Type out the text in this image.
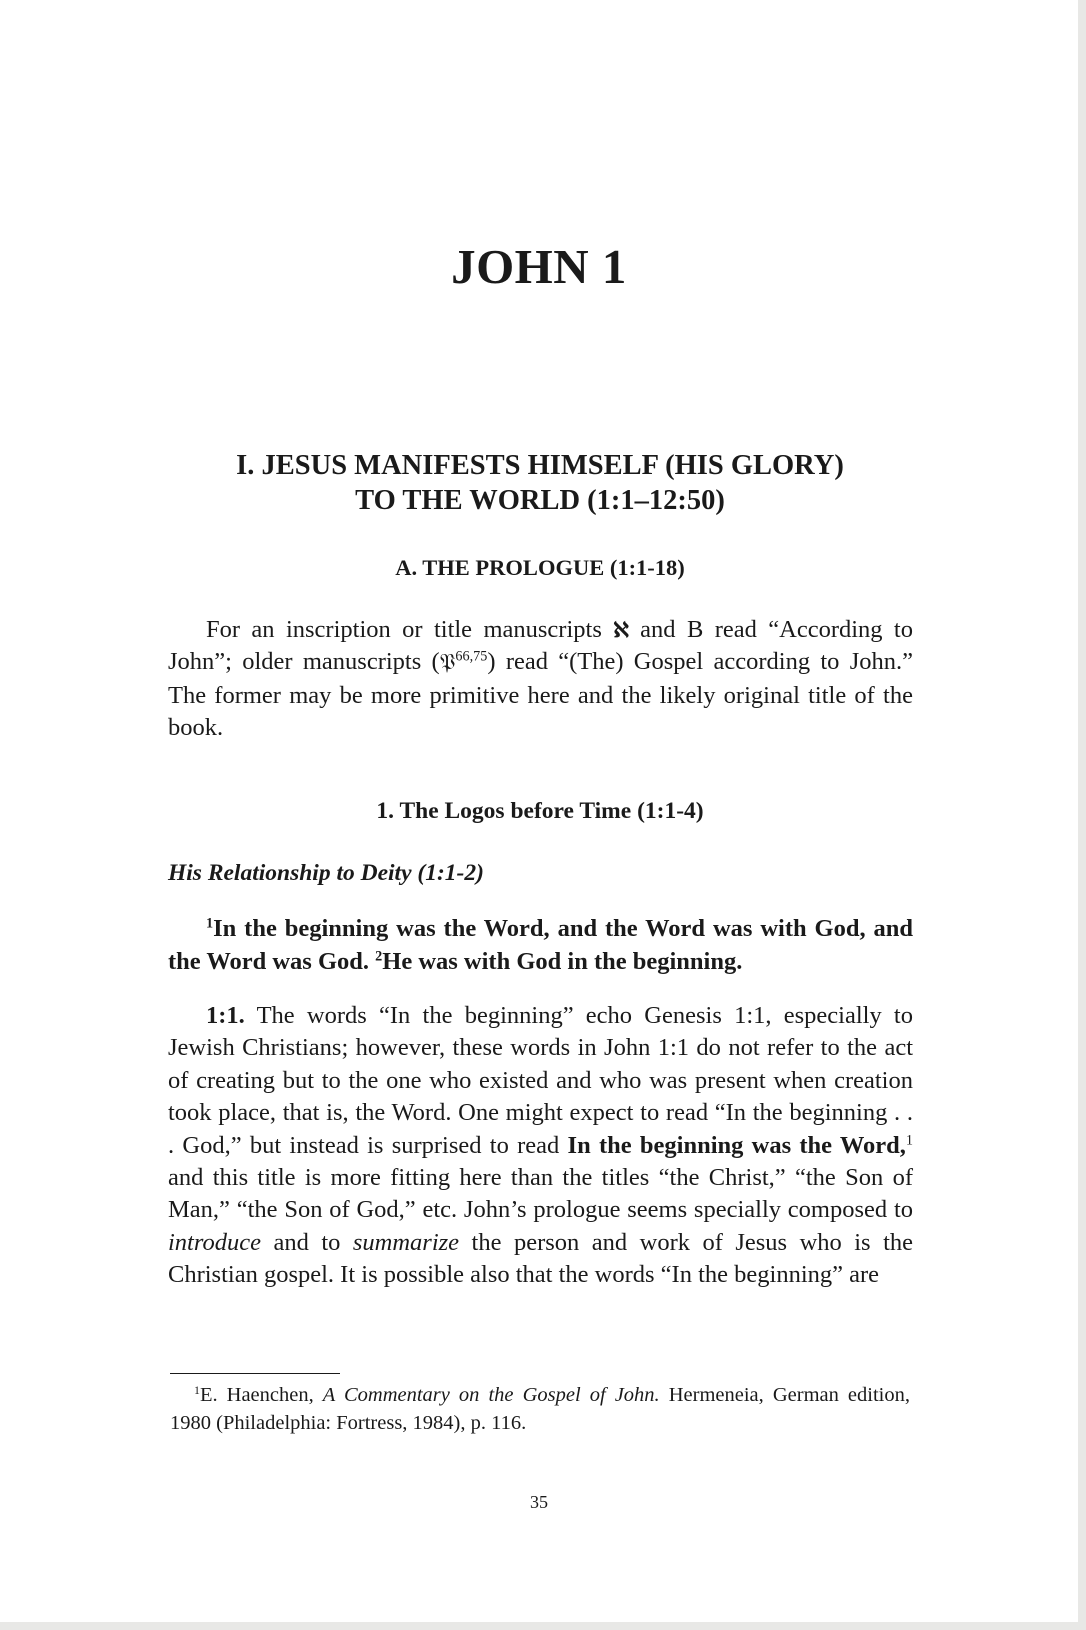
JOHN 1
I. JESUS MANIFESTS HIMSELF (HIS GLORY)
TO THE WORLD (1:1–12:50)
A. THE PROLOGUE (1:1-18)

For an inscription or title manuscripts ℵ and B read “According to John”; older manuscripts (𝔓$^{66,75}$) read “(The) Gospel according to John.” The former may be more primitive here and the likely original title of the book.

1. The Logos before Time (1:1-4)
His Relationship to Deity (1:1-2)

$^1$In the beginning was the Word, and the Word was with God, and the Word was God. $^2$He was with God in the beginning.

1:1. The words “In the beginning” echo Genesis 1:1, especially to Jewish Christians; however, these words in John 1:1 do not refer to the act of creating but to the one who existed and who was present when creation took place, that is, the Word. One might expect to read “In the beginning . . . God,” but instead is surprised to read In the beginning was the Word,$^1$ and this title is more fitting here than the titles “the Christ,” “the Son of Man,” “the Son of God,” etc. John’s prologue seems specially composed to introduce and to summarize the person and work of Jesus who is the Christian gospel. It is possible also that the words “In the beginning” are

$^1$E. Haenchen, A Commentary on the Gospel of John. Hermeneia, German edition, 1980 (Philadelphia: Fortress, 1984), p. 116.

35
